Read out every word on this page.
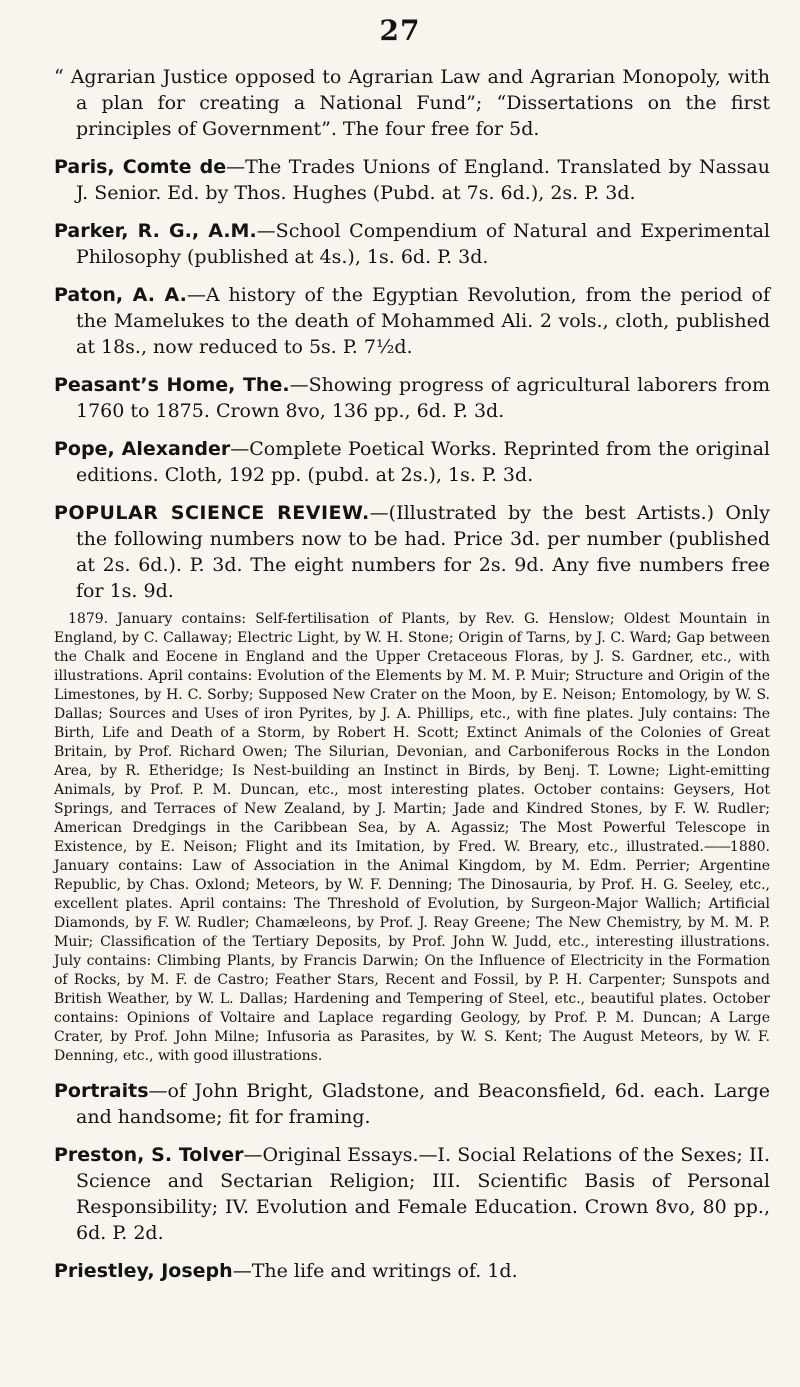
27

“ Agrarian Justice opposed to Agrarian Law and Agrarian Monopoly, with a plan for creating a National Fund”; “Dissertations on the first principles of Government”. The four free for 5d.

Paris, Comte de—The Trades Unions of England. Translated by Nassau J. Senior. Ed. by Thos. Hughes (Pubd. at 7s. 6d.), 2s. P. 3d.

Parker, R. G., A.M.—School Compendium of Natural and Experimental Philosophy (published at 4s.), 1s. 6d. P. 3d.

Paton, A. A.—A history of the Egyptian Revolution, from the period of the Mamelukes to the death of Mohammed Ali. 2 vols., cloth, published at 18s., now reduced to 5s. P. 7½d.

Peasant’s Home, The.—Showing progress of agricultural laborers from 1760 to 1875. Crown 8vo, 136 pp., 6d. P. 3d.

Pope, Alexander—Complete Poetical Works. Reprinted from the original editions. Cloth, 192 pp. (pubd. at 2s.), 1s. P. 3d.

POPULAR SCIENCE REVIEW.—(Illustrated by the best Artists.) Only the following numbers now to be had. Price 3d. per number (published at 2s. 6d.). P. 3d. The eight numbers for 2s. 9d. Any five numbers free for 1s. 9d.

1879. January contains: Self-fertilisation of Plants, by Rev. G. Henslow; Oldest Mountain in England, by C. Callaway; Electric Light, by W. H. Stone; Origin of Tarns, by J. C. Ward; Gap between the Chalk and Eocene in England and the Upper Cretaceous Floras, by J. S. Gardner, etc., with illustrations. April contains: Evolution of the Elements by M. M. P. Muir; Structure and Origin of the Limestones, by H. C. Sorby; Supposed New Crater on the Moon, by E. Neison; Entomology, by W. S. Dallas; Sources and Uses of iron Pyrites, by J. A. Phillips, etc., with fine plates. July contains: The Birth, Life and Death of a Storm, by Robert H. Scott; Extinct Animals of the Colonies of Great Britain, by Prof. Richard Owen; The Silurian, Devonian, and Carboniferous Rocks in the London Area, by R. Etheridge; Is Nest-building an Instinct in Birds, by Benj. T. Lowne; Light-emitting Animals, by Prof. P. M. Duncan, etc., most interesting plates. October contains: Geysers, Hot Springs, and Terraces of New Zealand, by J. Martin; Jade and Kindred Stones, by F. W. Rudler; American Dredgings in the Caribbean Sea, by A. Agassiz; The Most Powerful Telescope in Existence, by E. Neison; Flight and its Imitation, by Fred. W. Breary, etc., illustrated.——1880. January contains: Law of Association in the Animal Kingdom, by M. Edm. Perrier; Argentine Republic, by Chas. Oxlond; Meteors, by W. F. Denning; The Dinosauria, by Prof. H. G. Seeley, etc., excellent plates. April contains: The Threshold of Evolution, by Surgeon-Major Wallich; Artificial Diamonds, by F. W. Rudler; Chamæleons, by Prof. J. Reay Greene; The New Chemistry, by M. M. P. Muir; Classification of the Tertiary Deposits, by Prof. John W. Judd, etc., interesting illustrations. July contains: Climbing Plants, by Francis Darwin; On the Influence of Electricity in the Formation of Rocks, by M. F. de Castro; Feather Stars, Recent and Fossil, by P. H. Carpenter; Sunspots and British Weather, by W. L. Dallas; Hardening and Tempering of Steel, etc., beautiful plates. October contains: Opinions of Voltaire and Laplace regarding Geology, by Prof. P. M. Duncan; A Large Crater, by Prof. John Milne; Infusoria as Parasites, by W. S. Kent; The August Meteors, by W. F. Denning, etc., with good illustrations.

Portraits—of John Bright, Gladstone, and Beaconsfield, 6d. each. Large and handsome; fit for framing.

Preston, S. Tolver—Original Essays.—I. Social Relations of the Sexes; II. Science and Sectarian Religion; III. Scientific Basis of Personal Responsibility; IV. Evolution and Female Education. Crown 8vo, 80 pp., 6d. P. 2d.

Priestley, Joseph—The life and writings of. 1d.
